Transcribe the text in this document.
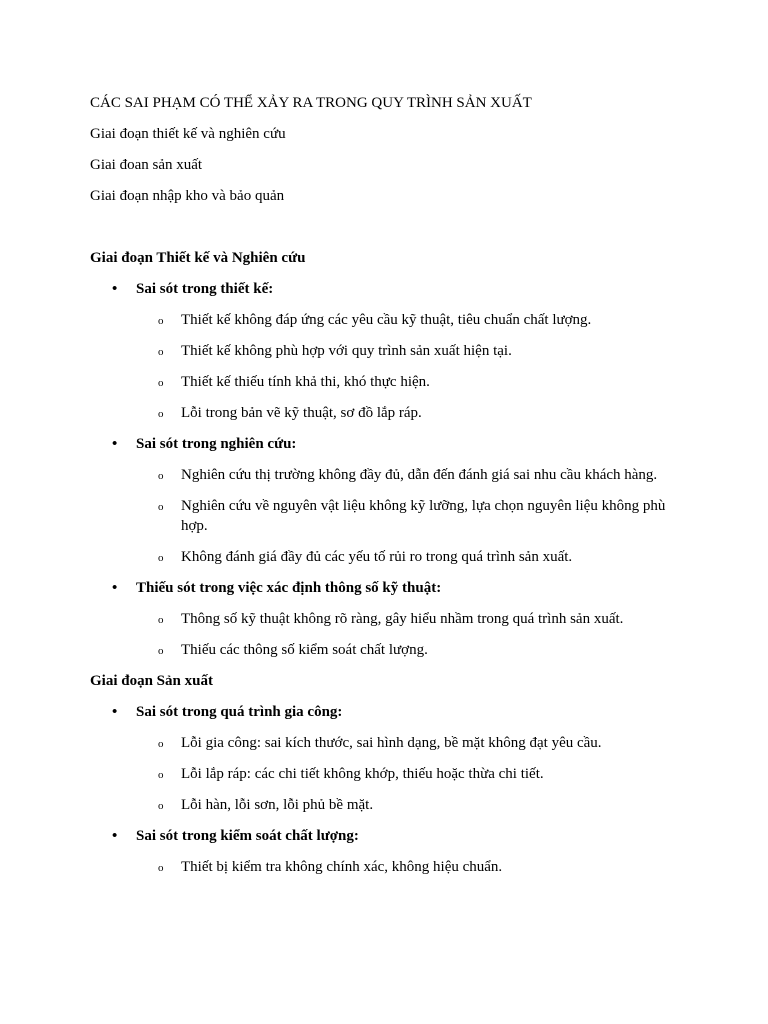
CÁC SAI PHẠM CÓ THỂ XẢY RA TRONG QUY TRÌNH SẢN XUẤT
Giai đoạn thiết kế và nghiên cứu
Giai đoan sản xuất
Giai đoạn nhập kho và bảo quản
Giai đoạn Thiết kế và Nghiên cứu
• Sai sót trong thiết kế:
o Thiết kế không đáp ứng các yêu cầu kỹ thuật, tiêu chuẩn chất lượng.
o Thiết kế không phù hợp với quy trình sản xuất hiện tại.
o Thiết kế thiếu tính khả thi, khó thực hiện.
o Lỗi trong bản vẽ kỹ thuật, sơ đồ lắp ráp.
• Sai sót trong nghiên cứu:
o Nghiên cứu thị trường không đầy đủ, dẫn đến đánh giá sai nhu cầu khách hàng.
o Nghiên cứu về nguyên vật liệu không kỹ lưỡng, lựa chọn nguyên liệu không phù hợp.
o Không đánh giá đầy đủ các yếu tố rủi ro trong quá trình sản xuất.
• Thiếu sót trong việc xác định thông số kỹ thuật:
o Thông số kỹ thuật không rõ ràng, gây hiểu nhầm trong quá trình sản xuất.
o Thiếu các thông số kiểm soát chất lượng.
Giai đoạn Sản xuất
• Sai sót trong quá trình gia công:
o Lỗi gia công: sai kích thước, sai hình dạng, bề mặt không đạt yêu cầu.
o Lỗi lắp ráp: các chi tiết không khớp, thiếu hoặc thừa chi tiết.
o Lỗi hàn, lỗi sơn, lỗi phủ bề mặt.
• Sai sót trong kiểm soát chất lượng:
o Thiết bị kiểm tra không chính xác, không hiệu chuẩn.
